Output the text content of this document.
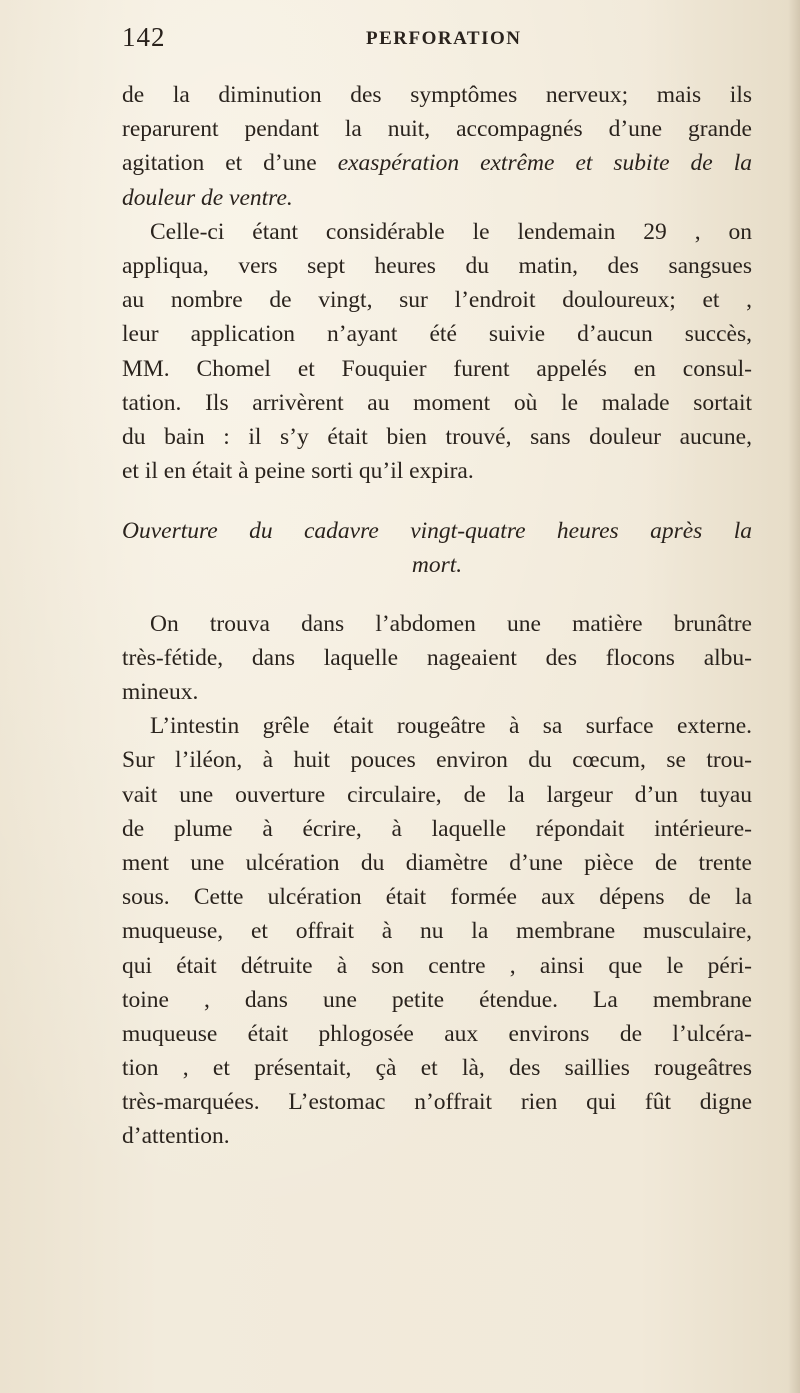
142	PERFORATION
de la diminution des symptômes nerveux; mais ils
reparurent pendant la nuit, accompagnés d’une grande
agitation et d’une exaspération extrême et subite de la
douleur de ventre.
Celle-ci étant considérable le lendemain 29 , on
appliqua, vers sept heures du matin, des sangsues
au nombre de vingt, sur l’endroit douloureux; et ,
leur application n’ayant été suivie d’aucun succès,
MM. Chomel et Fouquier furent appelés en consul-
tation. Ils arrivèrent au moment où le malade sortait
du bain : il s’y était bien trouvé, sans douleur aucune,
et il en était à peine sorti qu’il expira.
Ouverture du cadavre vingt-quatre heures après la
mort.
On trouva dans l’abdomen une matière brunâtre
très-fétide, dans laquelle nageaient des flocons albu-
mineux.
L’intestin grêle était rougeâtre à sa surface externe.
Sur l’iléon, à huit pouces environ du cœcum, se trou-
vait une ouverture circulaire, de la largeur d’un tuyau
de plume à écrire, à laquelle répondait intérieure-
ment une ulcération du diamètre d’une pièce de trente
sous. Cette ulcération était formée aux dépens de la
muqueuse, et offrait à nu la membrane musculaire,
qui était détruite à son centre , ainsi que le péri-
toine , dans une petite étendue. La membrane
muqueuse était phlogosée aux environs de l’ulcéra-
tion , et présentait, çà et là, des saillies rougeâtres
très-marquées. L’estomac n’offrait rien qui fût digne
d’attention.
